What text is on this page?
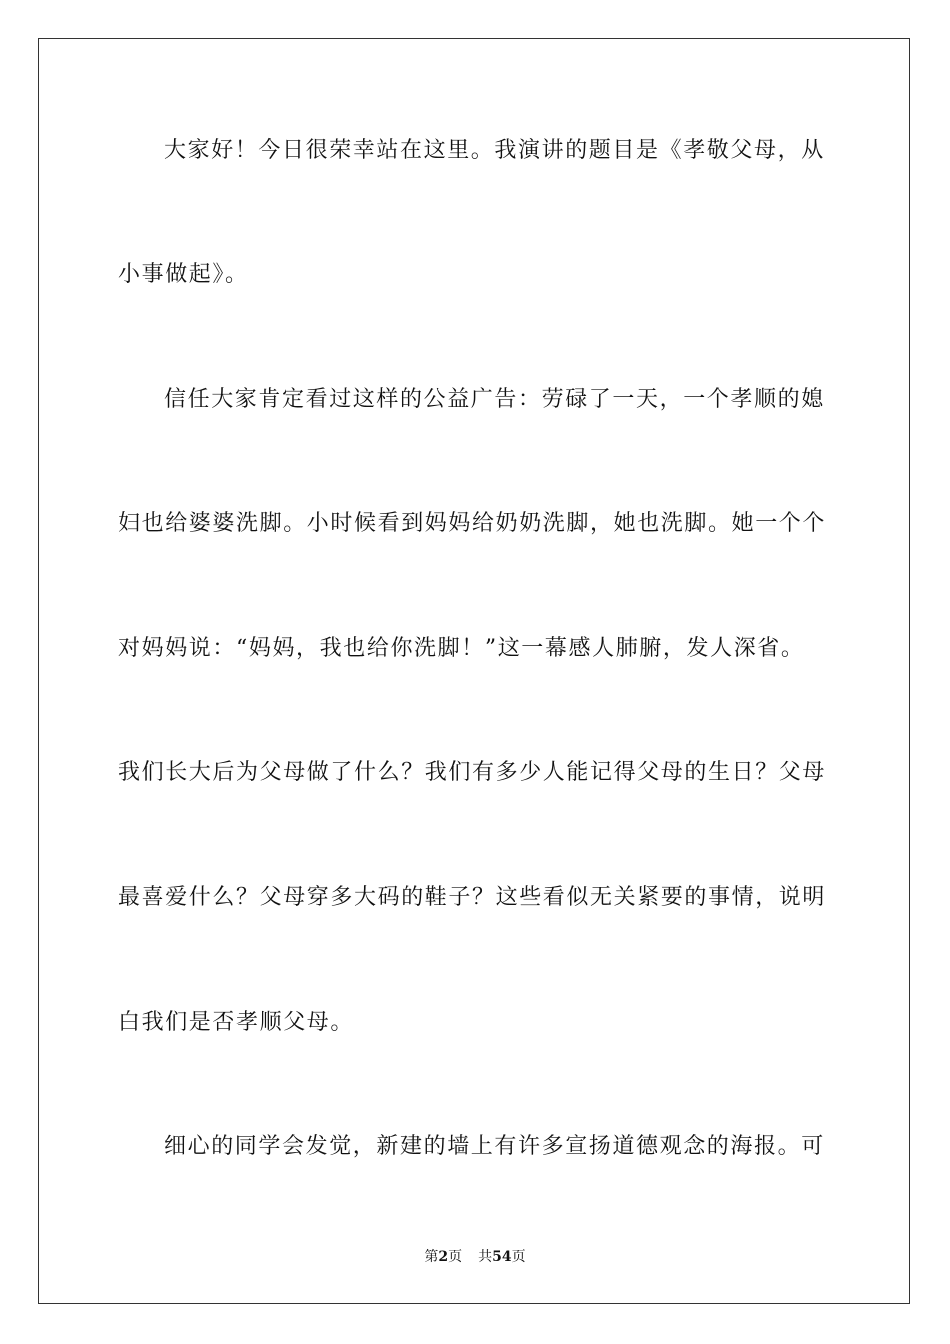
大家好！今日很荣幸站在这里。我演讲的题目是《孝敬父母，从
小事做起》。
信任大家肯定看过这样的公益广告：劳碌了一天，一个孝顺的媳
妇也给婆婆洗脚。小时候看到妈妈给奶奶洗脚，她也洗脚。她一个个
对妈妈说：“妈妈，我也给你洗脚！”这一幕感人肺腑，发人深省。
我们长大后为父母做了什么？我们有多少人能记得父母的生日？父母
最喜爱什么？父母穿多大码的鞋子？这些看似无关紧要的事情，说明
白我们是否孝顺父母。
细心的同学会发觉，新建的墙上有许多宣扬道德观念的海报。可
第2页 共54页
